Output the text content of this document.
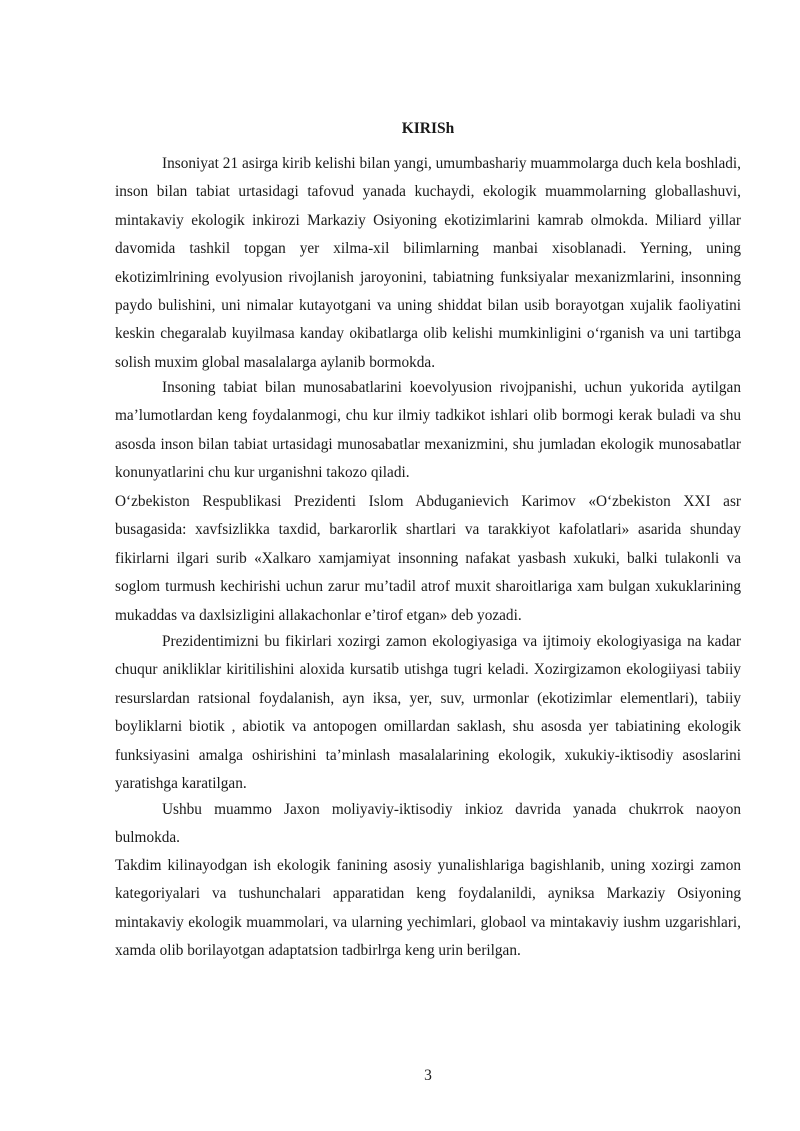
KIRISh

Insoniyat 21 asirga kirib kelishi bilan yangi, umumbashariy muammolarga duch kela boshladi, inson bilan tabiat urtasidagi tafovud yanada kuchaydi, ekologik muammolarning globallashuvi, mintakaviy ekologik inkirozi Markaziy Osiyoning ekotizimlarini kamrab olmokda. Miliard yillar davomida tashkil topgan yer xilma-xil bilimlarning manbai xisoblanadi. Yerning, uning ekotizimlrining evolyusion rivojlanish jaroyonini, tabiatning funksiyalar mexanizmlarini, insonning paydo bulishini, uni nimalar kutayotgani va uning shiddat bilan usib borayotgan xujalik faoliyatini keskin chegaralab kuyilmasa kanday okibatlarga olib kelishi mumkinligini o‘rganish va uni tartibga solish muxim global masalalarga aylanib bormokda.

Insoning tabiat bilan munosabatlarini koevolyusion rivojpanishi, uchun yukorida aytilgan ma’lumotlardan keng foydalanmogi, chu kur ilmiy tadkikot ishlari olib bormogi kerak buladi va shu asosda inson bilan tabiat urtasidagi munosabatlar mexanizmini, shu jumladan ekologik munosabatlar konunyatlarini chu kur urganishni takozo qiladi.

O‘zbekiston Respublikasi Prezidenti Islom Abduganievich Karimov «O‘zbekiston XXI asr busagasida: xavfsizlikka taxdid, barkarorlik shartlari va tarakkiyot kafolatlari» asarida shunday fikirlarni ilgari surib «Xalkaro xamjamiyat insonning nafakat yasbash xukuki, balki tulakonli va soglom turmush kechirishi uchun zarur mu’tadil atrof muxit sharoitlariga xam bulgan xukuklarining mukaddas va daxlsizligini allakachonlar e’tirof etgan» deb yozadi.

Prezidentimizni bu fikirlari xozirgi zamon ekologiyasiga va ijtimoiy ekologiyasiga na kadar chuqur anikliklar kiritilishini aloxida kursatib utishga tugri keladi. Xozirgizamon ekologiiyasi tabiiy resurslardan ratsional foydalanish, ayn iksa, yer, suv, urmonlar (ekotizimlar elementlari), tabiiy boyliklarni biotik , abiotik va antopogen omillardan saklash, shu asosda yer tabiatining ekologik funksiyasini amalga oshirishini ta’minlash masalalarining ekologik, xukukiy-iktisodiy asoslarini yaratishga karatilgan.

Ushbu muammo Jaxon moliyaviy-iktisodiy inkioz davrida yanada chukrrok naoyon bulmokda.

Takdim kilinayodgan ish ekologik fanining asosiy yunalishlariga bagishlanib, uning xozirgi zamon kategoriyalari va tushunchalari apparatidan keng foydalanildi, ayniksa Markaziy Osiyoning mintakaviy ekologik muammolari, va ularning yechimlari, globaol va mintakaviy iushm uzgarishlari, xamda olib borilayotgan adaptatsion tadbirlrga keng urin berilgan.

3
